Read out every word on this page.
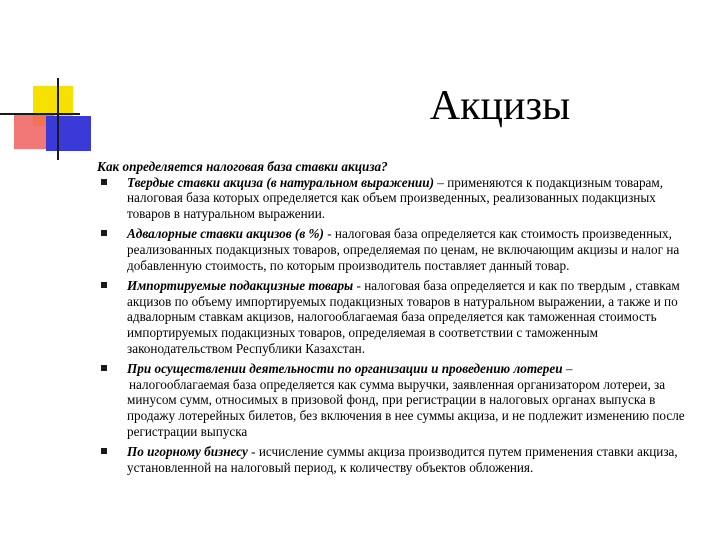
Акцизы

Как определяется налоговая база ставки акциза?

Твердые ставки акциза (в натуральном выражении) – применяются к подакцизным товарам, налоговая база которых определяется как объем произведенных, реализованных подакцизных товаров в натуральном выражении.
Адвалорные ставки акцизов (в %) - налоговая база определяется как стоимость произведенных, реализованных подакцизных товаров, определяемая по ценам, не включающим акцизы и налог на добавленную стоимость, по которым производитель поставляет данный товар.
Импортируемые подакцизные товары - налоговая база определяется и как по твердым , ставкам акцизов по объему импортируемых подакцизных товаров в натуральном выражении, а также и по адвалорным ставкам акцизов, налогооблагаемая база определяется как таможенная стоимость импортируемых подакцизных товаров, определяемая в соответствии с таможенным законодательством Республики Казахстан.
При осуществлении деятельности по организации и проведению лотереи –
налогооблагаемая база определяется как сумма выручки, заявленная организатором лотереи, за минусом сумм, относимых в призовой фонд, при регистрации в налоговых органах выпуска в продажу лотерейных билетов, без включения в нее суммы акциза, и не подлежит изменению после регистрации выпуска
По игорному бизнесу - исчисление суммы акциза производится путем применения ставки акциза, установленной на налоговый период, к количеству объектов обложения.
